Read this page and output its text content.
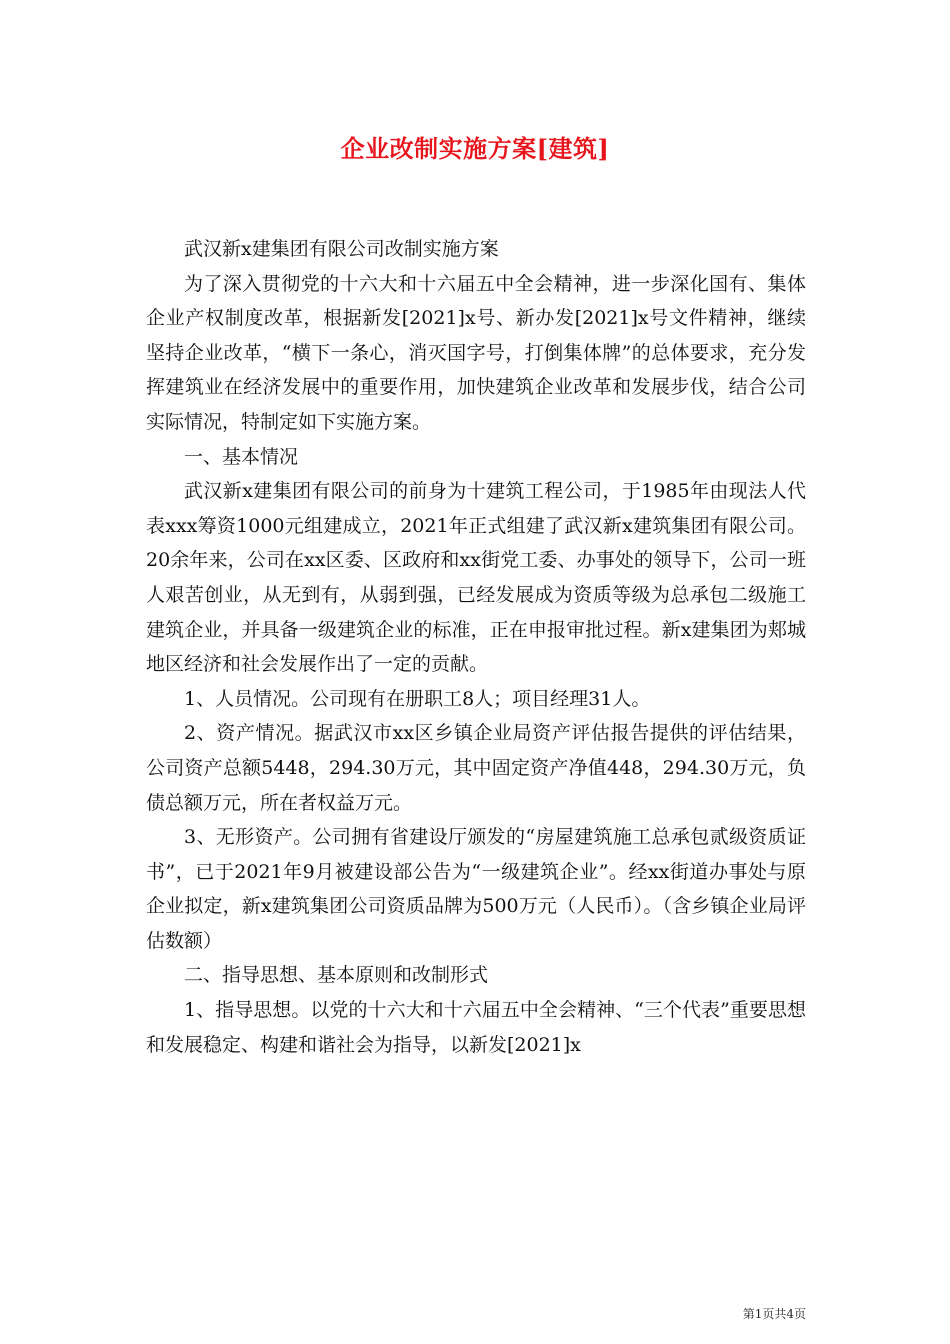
企业改制实施方案[建筑]

武汉新x建集团有限公司改制实施方案

为了深入贯彻党的十六大和十六届五中全会精神，进一步深化国有、集体企业产权制度改革，根据新发[2021]x号、新办发[2021]x号文件精神，继续坚持企业改革，“横下一条心，消灭国字号，打倒集体牌”的总体要求，充分发挥建筑业在经济发展中的重要作用，加快建筑企业改革和发展步伐，结合公司实际情况，特制定如下实施方案。

一、基本情况

武汉新x建集团有限公司的前身为十建筑工程公司，于1985年由现法人代表xxx筹资1000元组建成立，2021年正式组建了武汉新x建筑集团有限公司。20余年来，公司在xx区委、区政府和xx街党工委、办事处的领导下，公司一班人艰苦创业，从无到有，从弱到强，已经发展成为资质等级为总承包二级施工建筑企业，并具备一级建筑企业的标准，正在申报审批过程。新x建集团为郏城地区经济和社会发展作出了一定的贡献。

1、人员情况。公司现有在册职工8人；项目经理31人。

2、资产情况。据武汉市xx区乡镇企业局资产评估报告提供的评估结果，公司资产总额5448，294.30万元，其中固定资产净值448，294.30万元，负债总额万元，所在者权益万元。

3、无形资产。公司拥有省建设厅颁发的“房屋建筑施工总承包贰级资质证书”，已于2021年9月被建设部公告为“一级建筑企业”。经xx街道办事处与原企业拟定，新x建筑集团公司资质品牌为500万元（人民币）。（含乡镇企业局评估数额）

二、指导思想、基本原则和改制形式

1、指导思想。以党的十六大和十六届五中全会精神、“三个代表”重要思想和发展稳定、构建和谐社会为指导，以新发[2021]x

第1页共4页
